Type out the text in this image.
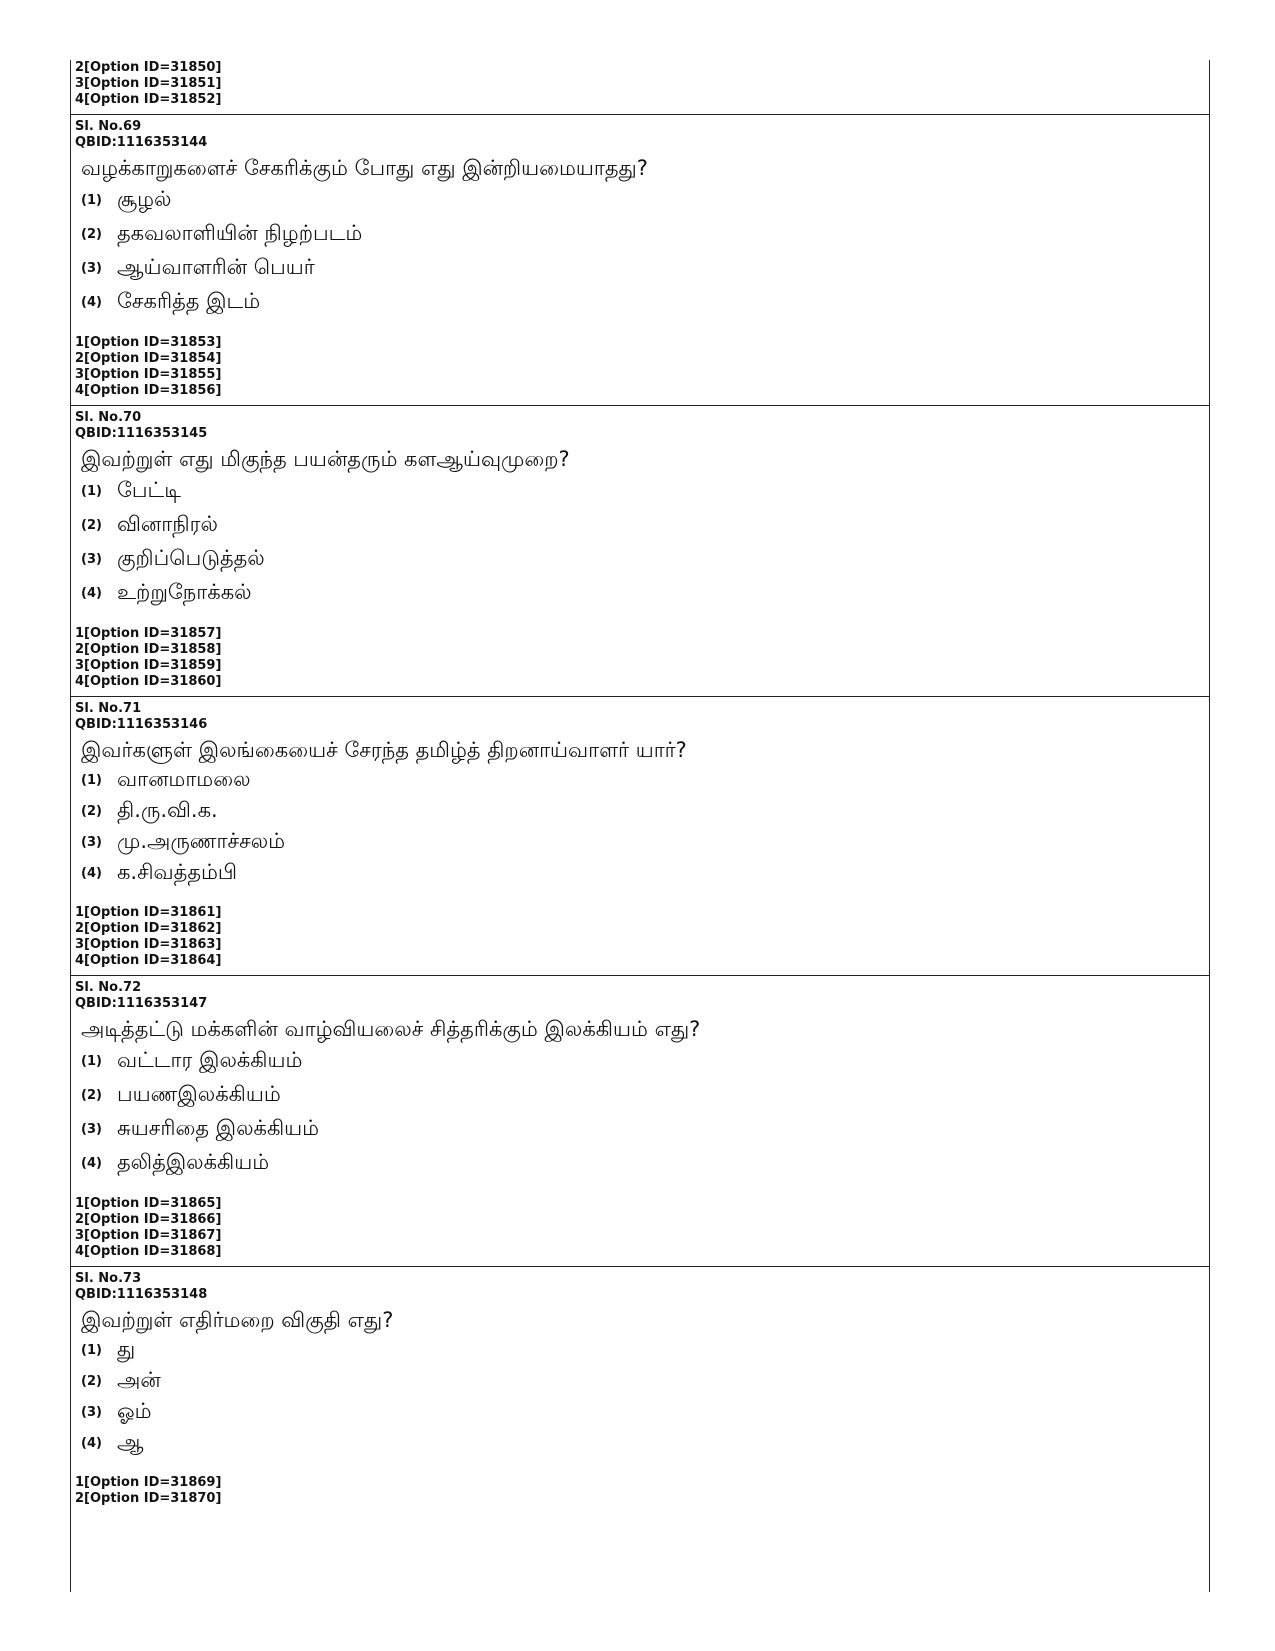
2[Option ID=31850]
3[Option ID=31851]
4[Option ID=31852]
Sl. No.69
QBID:1116353144
வழக்காறுகளைச் சேகரிக்கும் போது எது இன்றியமையாதது?
(1) சூழல்
(2) தகவலாளியின் நிழற்படம்
(3) ஆய்வாளரின் பெயர்
(4) சேகரித்த இடம்
1[Option ID=31853]
2[Option ID=31854]
3[Option ID=31855]
4[Option ID=31856]
Sl. No.70
QBID:1116353145
இவற்றுள் எது மிகுந்த பயன்தரும் களஆய்வுமுறை?
(1) பேட்டி
(2) வினாநிரல்
(3) குறிப்பெடுத்தல்
(4) உற்றுநோக்கல்
1[Option ID=31857]
2[Option ID=31858]
3[Option ID=31859]
4[Option ID=31860]
Sl. No.71
QBID:1116353146
இவர்களுள் இலங்கையைச் சேரந்த தமிழ்த் திறனாய்வாளர் யார்?
(1) வானமாமலை
(2) தி.ரு.வி.க.
(3) மு.அருணாச்சலம்
(4) க.சிவத்தம்பி
1[Option ID=31861]
2[Option ID=31862]
3[Option ID=31863]
4[Option ID=31864]
Sl. No.72
QBID:1116353147
அடித்தட்டு மக்களின் வாழ்வியலைச் சித்தரிக்கும் இலக்கியம் எது?
(1) வட்டார இலக்கியம்
(2) பயணஇலக்கியம்
(3) சுயசரிதை இலக்கியம்
(4) தலித்இலக்கியம்
1[Option ID=31865]
2[Option ID=31866]
3[Option ID=31867]
4[Option ID=31868]
Sl. No.73
QBID:1116353148
இவற்றுள் எதிர்மறை விகுதி எது?
(1) து
(2) அன்
(3) ஓம்
(4) ஆ
1[Option ID=31869]
2[Option ID=31870]
